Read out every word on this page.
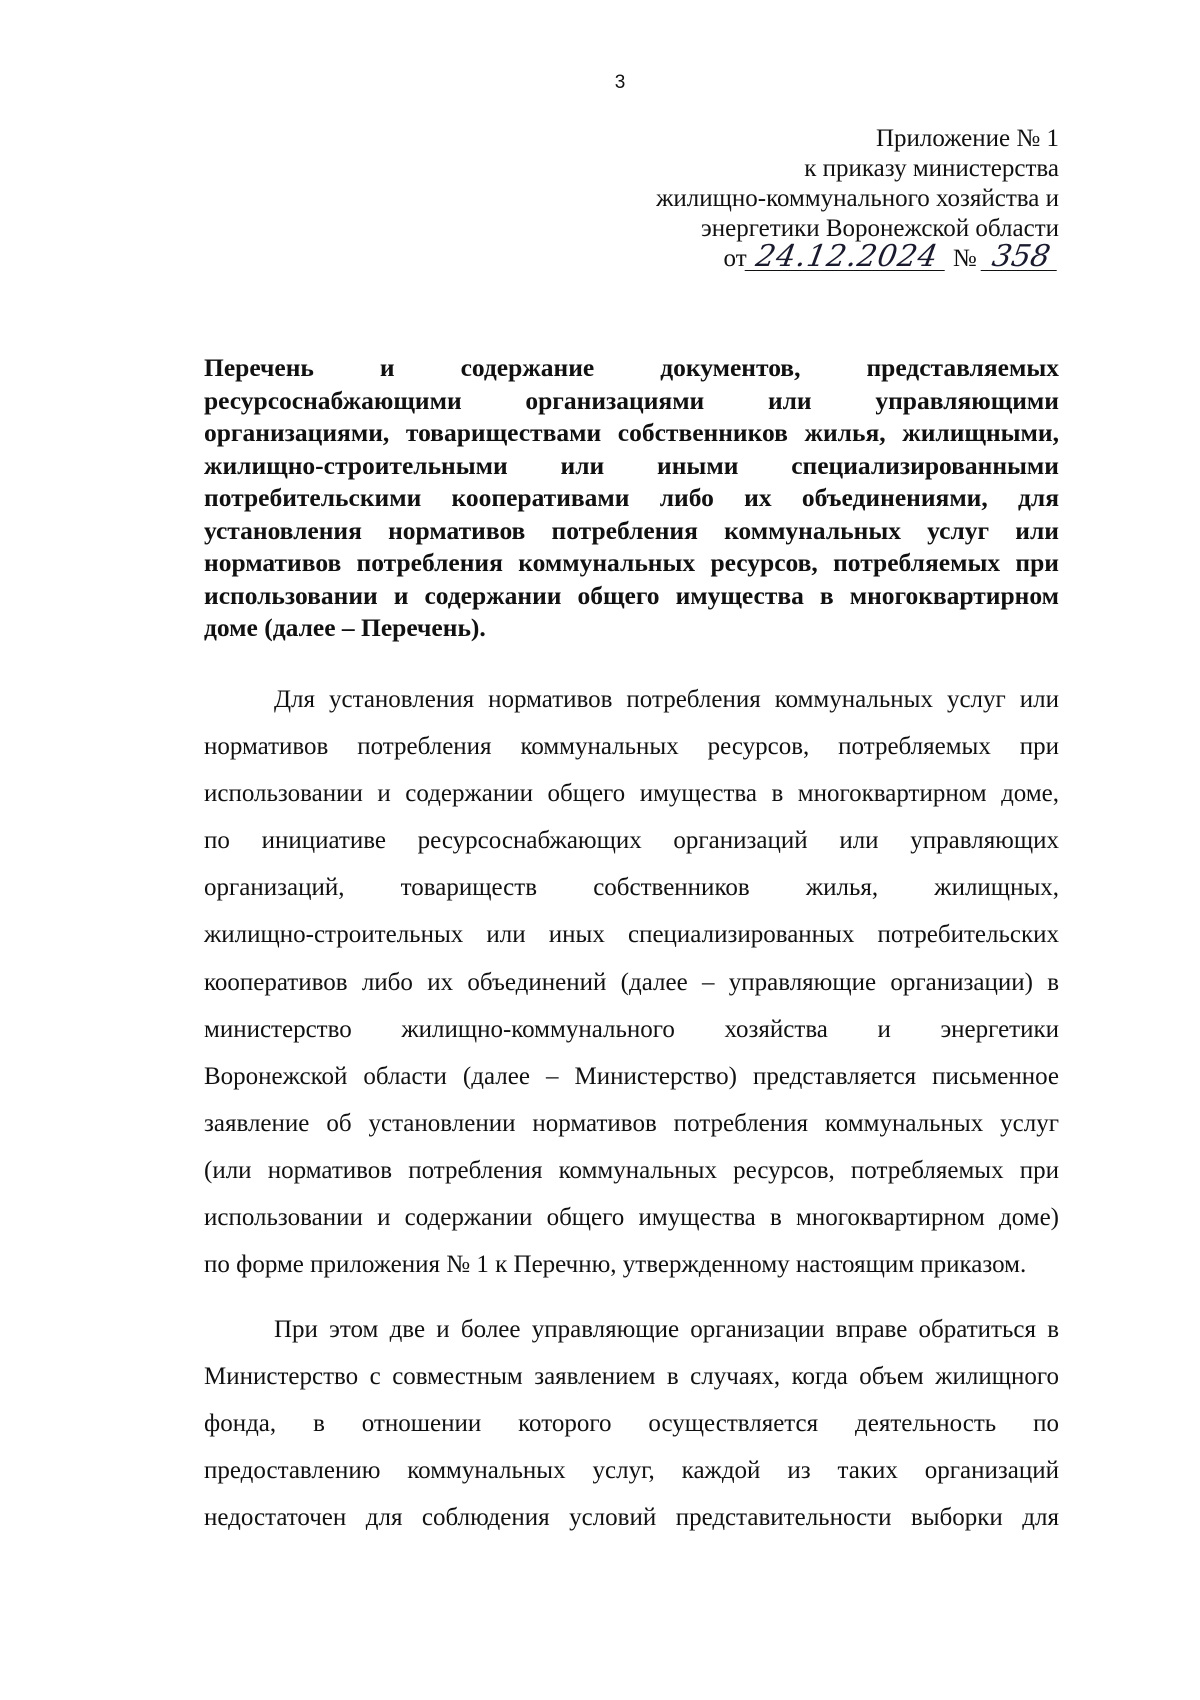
3
Приложение № 1
к приказу министерства
жилищно-коммунального хозяйства и
энергетики Воронежской области
от 24.12.2024 № 358
Перечень и содержание документов, представляемых
ресурсоснабжающими организациями или управляющими
организациями, товариществами собственников жилья, жилищными,
жилищно-строительными или иными специализированными
потребительскими кооперативами либо их объединениями, для
установления нормативов потребления коммунальных услуг или
нормативов потребления коммунальных ресурсов, потребляемых при
использовании и содержании общего имущества в многоквартирном
доме (далее – Перечень).
Для установления нормативов потребления коммунальных услуг или
нормативов потребления коммунальных ресурсов, потребляемых при
использовании и содержании общего имущества в многоквартирном доме,
по инициативе ресурсоснабжающих организаций или управляющих
организаций, товариществ собственников жилья, жилищных,
жилищно-строительных или иных специализированных потребительских
кооперативов либо их объединений (далее – управляющие организации) в
министерство жилищно-коммунального хозяйства и энергетики
Воронежской области (далее – Министерство) представляется письменное
заявление об установлении нормативов потребления коммунальных услуг
(или нормативов потребления коммунальных ресурсов, потребляемых при
использовании и содержании общего имущества в многоквартирном доме)
по форме приложения № 1 к Перечню, утвержденному настоящим приказом.
При этом две и более управляющие организации вправе обратиться в
Министерство с совместным заявлением в случаях, когда объем жилищного
фонда, в отношении которого осуществляется деятельность по
предоставлению коммунальных услуг, каждой из таких организаций
недостаточен для соблюдения условий представительности выборки для
